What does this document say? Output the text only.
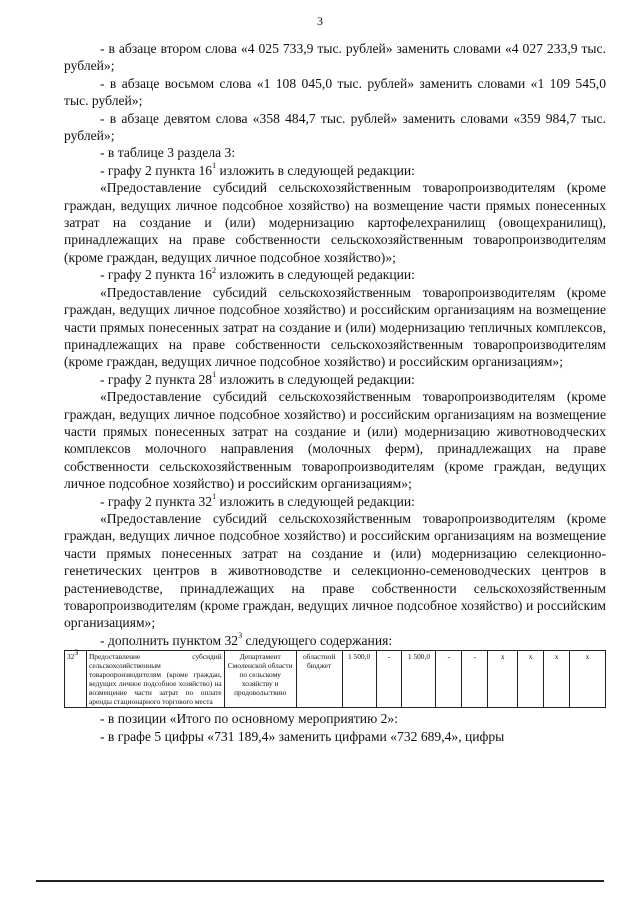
3

- в абзаце втором слова «4 025 733,9 тыс. рублей» заменить словами «4 027 233,9 тыс. рублей»;

- в абзаце восьмом слова «1 108 045,0 тыс. рублей» заменить словами «1 109 545,0 тыс. рублей»;

- в абзаце девятом слова «358 484,7 тыс. рублей» заменить словами «359 984,7 тыс. рублей»;

- в таблице 3 раздела 3:

- графу 2 пункта $16^1$ изложить в следующей редакции:

«Предоставление субсидий сельскохозяйственным товаропроизводителям (кроме граждан, ведущих личное подсобное хозяйство) на возмещение части прямых понесенных затрат на создание и (или) модернизацию картофелехранилищ (овощехранилищ), принадлежащих на праве собственности сельскохозяйственным товаропроизводителям (кроме граждан, ведущих личное подсобное хозяйство)»;

- графу 2 пункта $16^2$ изложить в следующей редакции:

«Предоставление субсидий сельскохозяйственным товаропроизводителям (кроме граждан, ведущих личное подсобное хозяйство) и российским организациям на возмещение части прямых понесенных затрат на создание и (или) модернизацию тепличных комплексов, принадлежащих на праве собственности сельскохозяйственным товаропроизводителям (кроме граждан, ведущих личное подсобное хозяйство) и российским организациям»;

- графу 2 пункта $28^1$ изложить в следующей редакции:

«Предоставление субсидий сельскохозяйственным товаропроизводителям (кроме граждан, ведущих личное подсобное хозяйство) и российским организациям на возмещение части прямых понесенных затрат на создание и (или) модернизацию животноводческих комплексов молочного направления (молочных ферм), принадлежащих на праве собственности сельскохозяйственным товаропроизводителям (кроме граждан, ведущих личное подсобное хозяйство) и российским организациям»;

- графу 2 пункта $32^1$ изложить в следующей редакции:

«Предоставление субсидий сельскохозяйственным товаропроизводителям (кроме граждан, ведущих личное подсобное хозяйство) и российским организациям на возмещение части прямых понесенных затрат на создание и (или) модернизацию селекционно-генетических центров в животноводстве и селекционно-семеноводческих центров в растениеводстве, принадлежащих на праве собственности сельскохозяйственным товаропроизводителям (кроме граждан, ведущих личное подсобное хозяйство) и российским организациям»;

- дополнить пунктом $32^3$ следующего содержания:

$32^3$	Предоставление субсидий сельскохозяйственным товаропроизводителям (кроме граждан, ведущих личное подсобное хозяйство) на возмещение части затрат по оплате аренды стационарного торгового места	Департамент Смоленской области по сельскому хозяйству и продовольствию	областной бюджет	1 500,0	-	1 500,0	-	-	х	х	х	х

- в позиции «Итого по основному мероприятию 2»:

- в графе 5 цифры «731 189,4» заменить цифрами «732 689,4», цифры
